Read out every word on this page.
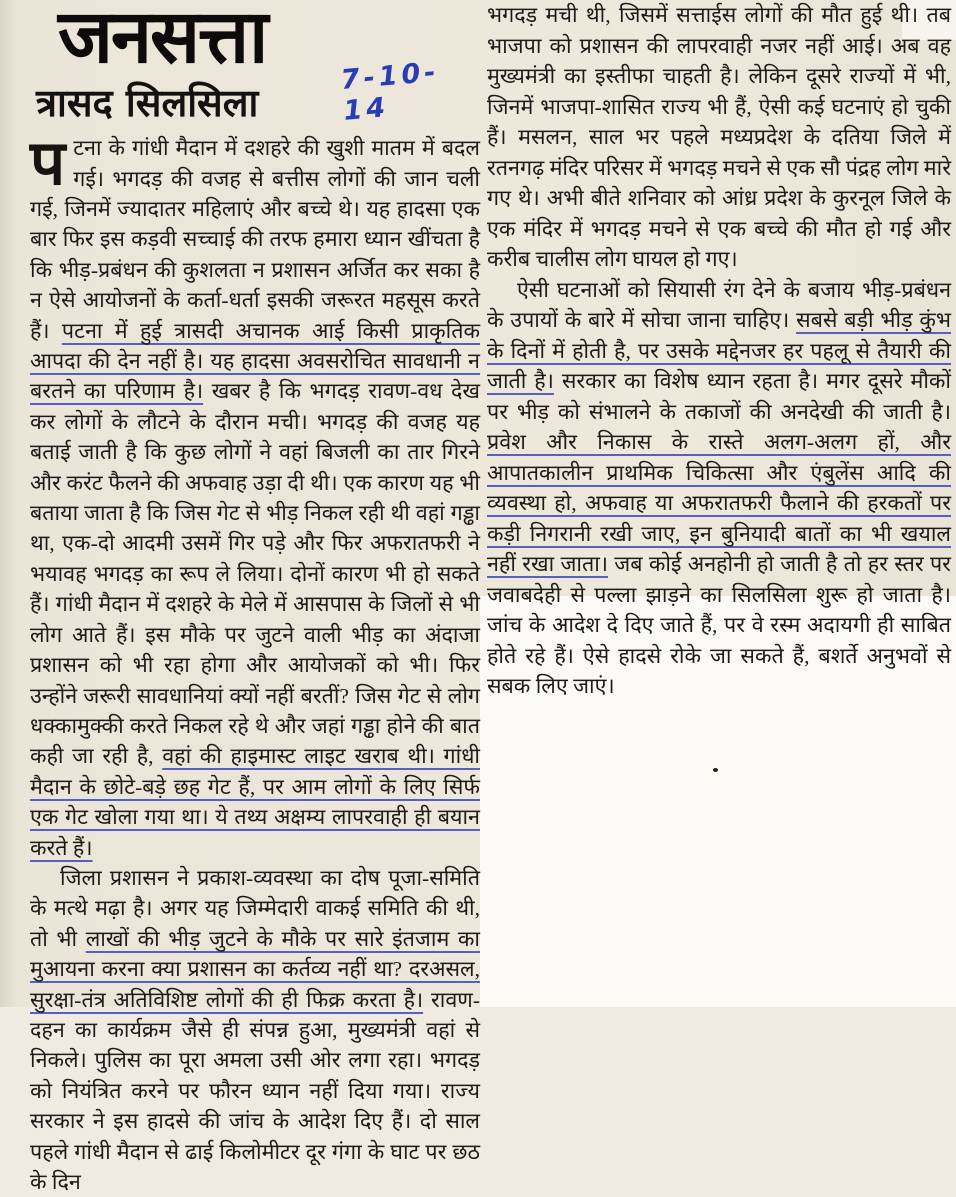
जनसत्ता	7-10-14
त्रासद सिलसिला

पटना के गांधी मैदान में दशहरे की खुशी मातम में बदल गई। भगदड़ की वजह से बत्तीस लोगों की जान चली गई, जिनमें ज्यादातर महिलाएं और बच्चे थे। यह हादसा एक बार फिर इस कड़वी सच्चाई की तरफ हमारा ध्यान खींचता है कि भीड़-प्रबंधन की कुशलता न प्रशासन अर्जित कर सका है न ऐसे आयोजनों के कर्ता-धर्ता इसकी जरूरत महसूस करते हैं। पटना में हुई त्रासदी अचानक आई किसी प्राकृतिक आपदा की देन नहीं है। यह हादसा अवसरोचित सावधानी न बरतने का परिणाम है। खबर है कि भगदड़ रावण-वध देख कर लोगों के लौटने के दौरान मची। भगदड़ की वजह यह बताई जाती है कि कुछ लोगों ने वहां बिजली का तार गिरने और करंट फैलने की अफवाह उड़ा दी थी। एक कारण यह भी बताया जाता है कि जिस गेट से भीड़ निकल रही थी वहां गड्ढा था, एक-दो आदमी उसमें गिर पड़े और फिर अफरातफरी ने भयावह भगदड़ का रूप ले लिया। दोनों कारण भी हो सकते हैं। गांधी मैदान में दशहरे के मेले में आसपास के जिलों से भी लोग आते हैं। इस मौके पर जुटने वाली भीड़ का अंदाजा प्रशासन को भी रहा होगा और आयोजकों को भी। फिर उन्होंने जरूरी सावधानियां क्यों नहीं बरतीं? जिस गेट से लोग धक्कामुक्की करते निकल रहे थे और जहां गड्ढा होने की बात कही जा रही है, वहां की हाइमास्ट लाइट खराब थी। गांधी मैदान के छोटे-बड़े छह गेट हैं, पर आम लोगों के लिए सिर्फ एक गेट खोला गया था। ये तथ्य अक्षम्य लापरवाही ही बयान करते हैं।

जिला प्रशासन ने प्रकाश-व्यवस्था का दोष पूजा-समिति के मत्थे मढ़ा है। अगर यह जिम्मेदारी वाकई समिति की थी, तो भी लाखों की भीड़ जुटने के मौके पर सारे इंतजाम का मुआयना करना क्या प्रशासन का कर्तव्य नहीं था? दरअसल, सुरक्षा-तंत्र अतिविशिष्ट लोगों की ही फिक्र करता है। रावण-दहन का कार्यक्रम जैसे ही संपन्न हुआ, मुख्यमंत्री वहां से निकले। पुलिस का पूरा अमला उसी ओर लगा रहा। भगदड़ को नियंत्रित करने पर फौरन ध्यान नहीं दिया गया। राज्य सरकार ने इस हादसे की जांच के आदेश दिए हैं। दो साल पहले गांधी मैदान से ढाई किलोमीटर दूर गंगा के घाट पर छठ के दिन

भगदड़ मची थी, जिसमें सत्ताईस लोगों की मौत हुई थी। तब भाजपा को प्रशासन की लापरवाही नजर नहीं आई। अब वह मुख्यमंत्री का इस्तीफा चाहती है। लेकिन दूसरे राज्यों में भी, जिनमें भाजपा-शासित राज्य भी हैं, ऐसी कई घटनाएं हो चुकी हैं। मसलन, साल भर पहले मध्यप्रदेश के दतिया जिले में रतनगढ़ मंदिर परिसर में भगदड़ मचने से एक सौ पंद्रह लोग मारे गए थे। अभी बीते शनिवार को आंध्र प्रदेश के कुरनूल जिले के एक मंदिर में भगदड़ मचने से एक बच्चे की मौत हो गई और करीब चालीस लोग घायल हो गए।

ऐसी घटनाओं को सियासी रंग देने के बजाय भीड़-प्रबंधन के उपायों के बारे में सोचा जाना चाहिए। सबसे बड़ी भीड़ कुंभ के दिनों में होती है, पर उसके मद्देनजर हर पहलू से तैयारी की जाती है। सरकार का विशेष ध्यान रहता है। मगर दूसरे मौकों पर भीड़ को संभालने के तकाजों की अनदेखी की जाती है। प्रवेश और निकास के रास्ते अलग-अलग हों, और आपातकालीन प्राथमिक चिकित्सा और एंबुलेंस आदि की व्यवस्था हो, अफवाह या अफरातफरी फैलाने की हरकतों पर कड़ी निगरानी रखी जाए, इन बुनियादी बातों का भी खयाल नहीं रखा जाता। जब कोई अनहोनी हो जाती है तो हर स्तर पर जवाबदेही से पल्ला झाड़ने का सिलसिला शुरू हो जाता है। जांच के आदेश दे दिए जाते हैं, पर वे रस्म अदायगी ही साबित होते रहे हैं। ऐसे हादसे रोके जा सकते हैं, बशर्ते अनुभवों से सबक लिए जाएं।
